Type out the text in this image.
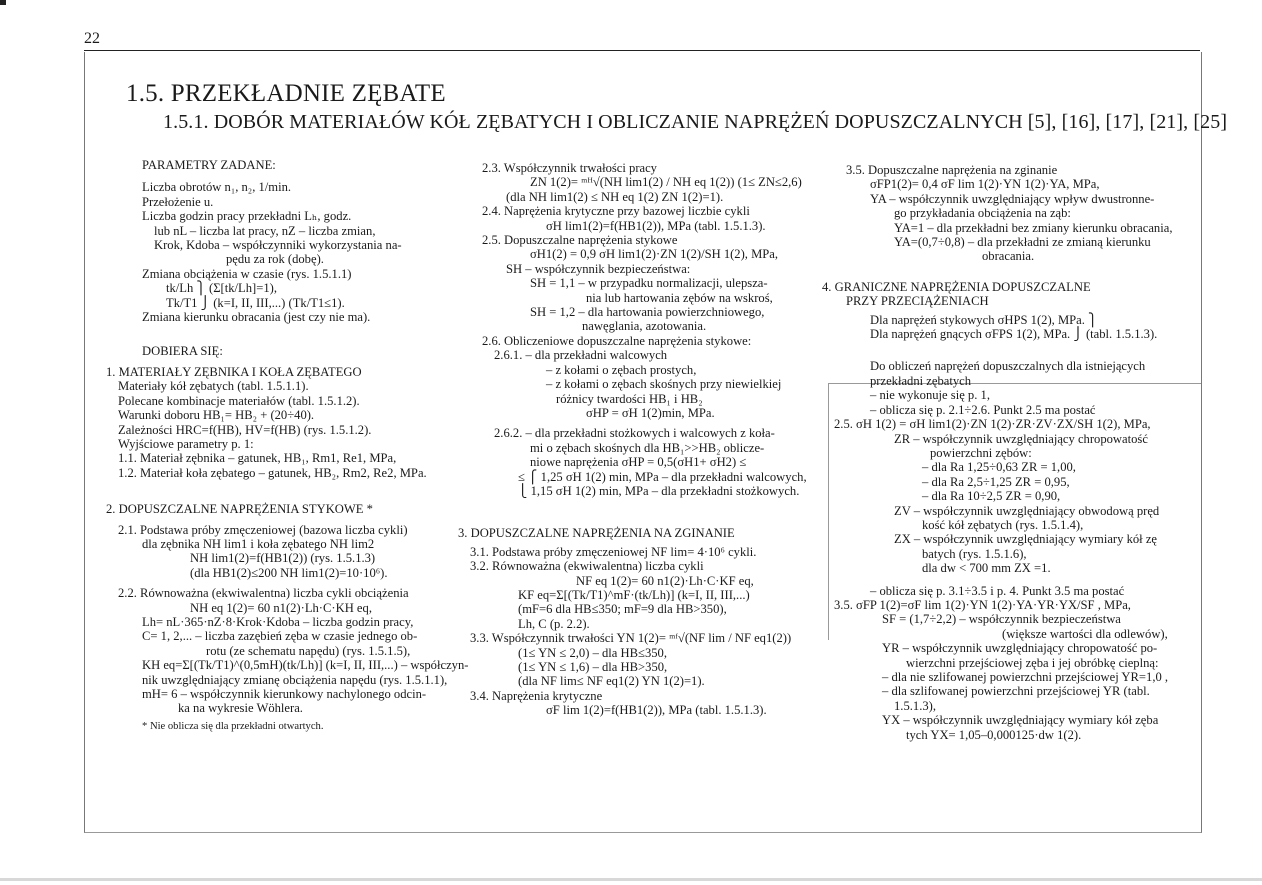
22
1.5. PRZEKŁADNIE ZĘBATE
1.5.1. DOBÓR MATERIAŁÓW KÓŁ ZĘBATYCH I OBLICZANIE NAPRĘŻEŃ DOPUSZCZALNYCH [5], [16], [17], [21], [25]
PARAMETRY ZADANE:
Liczba obrotów n₁, n₂, 1/min.
Przełożenie u.
Liczba godzin pracy przekładni Lₕ, godz.
lub nL – liczba lat pracy, nZ – liczba zmian,
Krok, Kdoba – współczynniki wykorzystania na-
pędu za rok (dobę).
Zmiana obciążenia w czasie (rys. 1.5.1.1)
tk/Lh ⎫ (Σ[tk/Lh]=1),
Tk/T1 ⎭ (k=I, II, III,...) (Tk/T1≤1).
Zmiana kierunku obracania (jest czy nie ma).
DOBIERA SIĘ:
1. MATERIAŁY ZĘBNIKA I KOŁA ZĘBATEGO
Materiały kół zębatych (tabl. 1.5.1.1).
Polecane kombinacje materiałów (tabl. 1.5.1.2).
Warunki doboru HB₁= HB₂ + (20÷40).
Zależności HRC=f(HB), HV=f(HB) (rys. 1.5.1.2).
Wyjściowe parametry p. 1:
1.1. Materiał zębnika – gatunek, HB₁, Rm1, Re1, MPa,
1.2. Materiał koła zębatego – gatunek, HB₂, Rm2, Re2, MPa.
2. DOPUSZCZALNE NAPRĘŻENIA STYKOWE *
2.1. Podstawa próby zmęczeniowej (bazowa liczba cykli)
dla zębnika NH lim1 i koła zębatego NH lim2
NH lim1(2)=f(HB1(2)) (rys. 1.5.1.3)
(dla HB1(2)≤200 NH lim1(2)=10·10⁶).
2.2. Równoważna (ekwiwalentna) liczba cykli obciążenia
NH eq 1(2)= 60 n1(2)·Lh·C·KH eq,
Lh= nL·365·nZ·8·Krok·Kdoba – liczba godzin pracy,
C= 1, 2,... – liczba zazębień zęba w czasie jednego ob-
rotu (ze schematu napędu) (rys. 1.5.1.5),
KH eq=Σ[(Tk/T1)^(0,5mH)(tk/Lh)] (k=I, II, III,...) – współczyn-
nik uwzględniający zmianę obciążenia napędu (rys. 1.5.1.1),
mH= 6 – współczynnik kierunkowy nachylonego odcin-
ka na wykresie Wöhlera.
* Nie oblicza się dla przekładni otwartych.
2.3. Współczynnik trwałości pracy
ZN 1(2)= ᵐᴴ√(NH lim1(2) / NH eq 1(2)) (1≤ ZN≤2,6)
(dla NH lim1(2) ≤ NH eq 1(2) ZN 1(2)=1).
2.4. Naprężenia krytyczne przy bazowej liczbie cykli
σH lim1(2)=f(HB1(2)), MPa (tabl. 1.5.1.3).
2.5. Dopuszczalne naprężenia stykowe
σH1(2) = 0,9 σH lim1(2)·ZN 1(2)/SH 1(2), MPa,
SH – współczynnik bezpieczeństwa:
SH = 1,1 – w przypadku normalizacji, ulepsza-
nia lub hartowania zębów na wskroś,
SH = 1,2 – dla hartowania powierzchniowego,
nawęglania, azotowania.
2.6. Obliczeniowe dopuszczalne naprężenia stykowe:
2.6.1. – dla przekładni walcowych
– z kołami o zębach prostych,
– z kołami o zębach skośnych przy niewielkiej
różnicy twardości HB₁ i HB₂
σHP = σH 1(2)min, MPa.
2.6.2. – dla przekładni stożkowych i walcowych z koła-
mi o zębach skośnych dla HB₁>>HB₂ oblicze-
niowe naprężenia σHP = 0,5(σH1+ σH2) ≤
≤ ⎧ 1,25 σH 1(2) min, MPa – dla przekładni walcowych,
⎩ 1,15 σH 1(2) min, MPa – dla przekładni stożkowych.
3. DOPUSZCZALNE NAPRĘŻENIA NA ZGINANIE
3.1. Podstawa próby zmęczeniowej NF lim= 4·10⁶ cykli.
3.2. Równoważna (ekwiwalentna) liczba cykli
NF eq 1(2)= 60 n1(2)·Lh·C·KF eq,
KF eq=Σ[(Tk/T1)^mF·(tk/Lh)] (k=I, II, III,...)
(mF=6 dla HB≤350; mF=9 dla HB>350),
Lh, C (p. 2.2).
3.3. Współczynnik trwałości YN 1(2)= ᵐᶠ√(NF lim / NF eq1(2))
(1≤ YN ≤ 2,0) – dla HB≤350,
(1≤ YN ≤ 1,6) – dla HB>350,
(dla NF lim≤ NF eq1(2) YN 1(2)=1).
3.4. Naprężenia krytyczne
σF lim 1(2)=f(HB1(2)), MPa (tabl. 1.5.1.3).
3.5. Dopuszczalne naprężenia na zginanie
σFP1(2)= 0,4 σF lim 1(2)·YN 1(2)·YA, MPa,
YA – współczynnik uwzględniający wpływ dwustronne-
go przykładania obciążenia na ząb:
YA=1 – dla przekładni bez zmiany kierunku obracania,
YA=(0,7÷0,8) – dla przekładni ze zmianą kierunku
obracania.
4. GRANICZNE NAPRĘŻENIA DOPUSZCZALNE
PRZY PRZECIĄŻENIACH
Dla naprężeń stykowych σHPS 1(2), MPa. ⎫
Dla naprężeń gnących σFPS 1(2), MPa. ⎭ (tabl. 1.5.1.3).
Do obliczeń naprężeń dopuszczalnych dla istniejących
przekładni zębatych
– nie wykonuje się p. 1,
– oblicza się p. 2.1÷2.6. Punkt 2.5 ma postać
2.5. σH 1(2) = σH lim1(2)·ZN 1(2)·ZR·ZV·ZX/SH 1(2), MPa,
ZR – współczynnik uwzględniający chropowatość
powierzchni zębów:
– dla Ra 1,25÷0,63 ZR = 1,00,
– dla Ra 2,5÷1,25 ZR = 0,95,
– dla Ra 10÷2,5 ZR = 0,90,
ZV – współczynnik uwzględniający obwodową pręd
kość kół zębatych (rys. 1.5.1.4),
ZX – współczynnik uwzględniający wymiary kół zę
batych (rys. 1.5.1.6),
dla dw < 700 mm ZX =1.
– oblicza się p. 3.1÷3.5 i p. 4. Punkt 3.5 ma postać
3.5. σFP 1(2)=σF lim 1(2)·YN 1(2)·YA·YR·YX/SF , MPa,
SF = (1,7÷2,2) – współczynnik bezpieczeństwa
(większe wartości dla odlewów),
YR – współczynnik uwzględniający chropowatość po-
wierzchni przejściowej zęba i jej obróbkę cieplną:
– dla nie szlifowanej powierzchni przejściowej YR=1,0 ,
– dla szlifowanej powierzchni przejściowej YR (tabl.
1.5.1.3),
YX – współczynnik uwzględniający wymiary kół zęba
tych YX= 1,05–0,000125·dw 1(2).
